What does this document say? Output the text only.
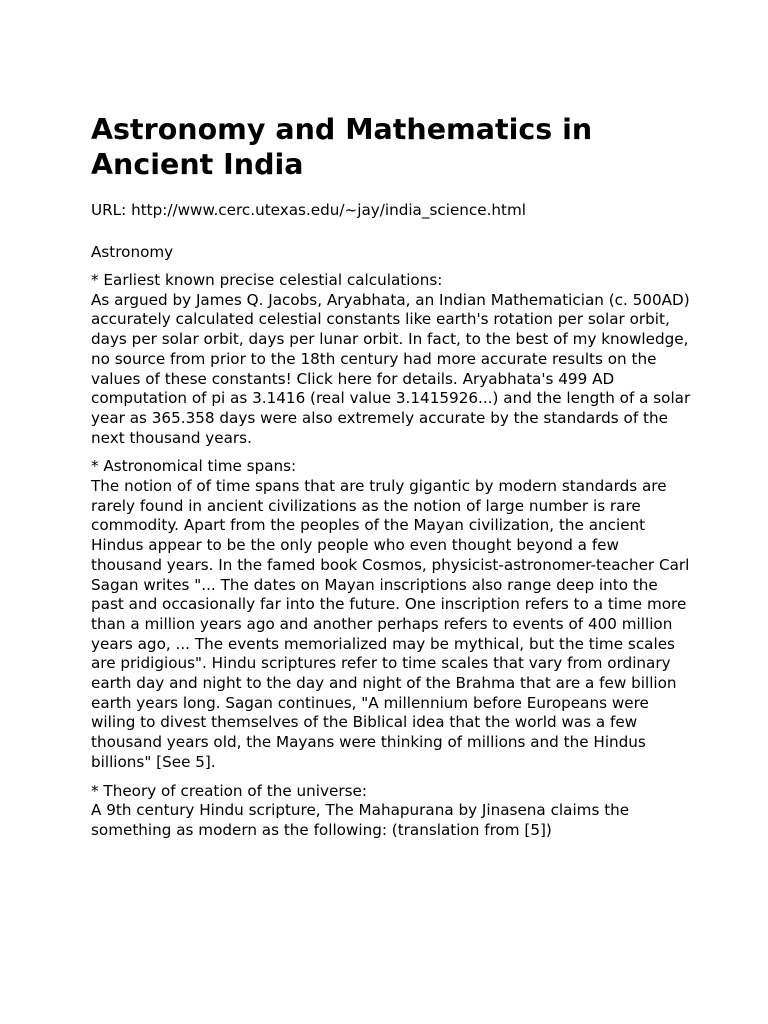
Astronomy and Mathematics in Ancient India

URL: http://www.cerc.utexas.edu/~jay/india_science.html

Astronomy

* Earliest known precise celestial calculations:

As argued by James Q. Jacobs, Aryabhata, an Indian Mathematician (c. 500AD) accurately calculated celestial constants like earth's rotation per solar orbit, days per solar orbit, days per lunar orbit. In fact, to the best of my knowledge, no source from prior to the 18th century had more accurate results on the values of these constants! Click here for details. Aryabhata's 499 AD computation of pi as 3.1416 (real value 3.1415926...) and the length of a solar year as 365.358 days were also extremely accurate by the standards of the next thousand years.

* Astronomical time spans:

The notion of of time spans that are truly gigantic by modern standards are rarely found in ancient civilizations as the notion of large number is rare commodity. Apart from the peoples of the Mayan civilization, the ancient Hindus appear to be the only people who even thought beyond a few thousand years. In the famed book Cosmos, physicist-astronomer-teacher Carl Sagan writes "... The dates on Mayan inscriptions also range deep into the past and occasionally far into the future. One inscription refers to a time more than a million years ago and another perhaps refers to events of 400 million years ago, ... The events memorialized may be mythical, but the time scales are pridigious". Hindu scriptures refer to time scales that vary from ordinary earth day and night to the day and night of the Brahma that are a few billion earth years long. Sagan continues, "A millennium before Europeans were wiling to divest themselves of the Biblical idea that the world was a few thousand years old, the Mayans were thinking of millions and the Hindus billions" [See 5].

* Theory of creation of the universe:

A 9th century Hindu scripture, The Mahapurana by Jinasena claims the something as modern as the following: (translation from [5])
